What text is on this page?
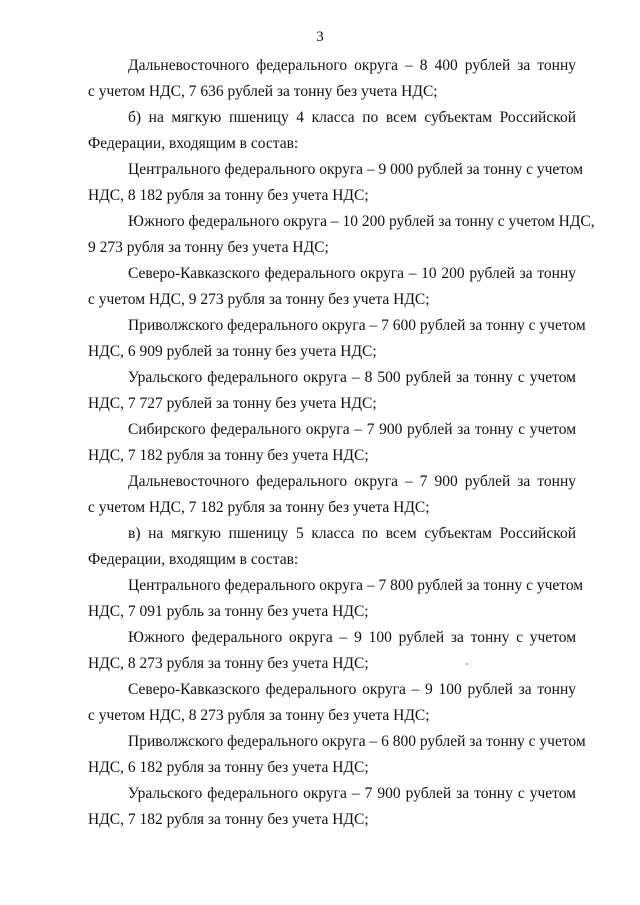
3

Дальневосточного федерального округа – 8 400 рублей за тонну
с учетом НДС, 7 636 рублей за тонну без учета НДС;

б) на мягкую пшеницу 4 класса по всем субъектам Российской
Федерации, входящим в состав:

Центрального федерального округа – 9 000 рублей за тонну с учетом
НДС, 8 182 рубля за тонну без учета НДС;

Южного федерального округа – 10 200 рублей за тонну с учетом НДС,
9 273 рубля за тонну без учета НДС;

Северо-Кавказского федерального округа – 10 200 рублей за тонну
с учетом НДС, 9 273 рубля за тонну без учета НДС;

Приволжского федерального округа – 7 600 рублей за тонну с учетом
НДС, 6 909 рублей за тонну без учета НДС;

Уральского федерального округа – 8 500 рублей за тонну с учетом
НДС, 7 727 рублей за тонну без учета НДС;

Сибирского федерального округа – 7 900 рублей за тонну с учетом
НДС, 7 182 рубля за тонну без учета НДС;

Дальневосточного федерального округа – 7 900 рублей за тонну
с учетом НДС, 7 182 рубля за тонну без учета НДС;

в) на мягкую пшеницу 5 класса по всем субъектам Российской
Федерации, входящим в состав:

Центрального федерального округа – 7 800 рублей за тонну с учетом
НДС, 7 091 рубль за тонну без учета НДС;

Южного федерального округа – 9 100 рублей за тонну с учетом
НДС, 8 273 рубля за тонну без учета НДС;

Северо-Кавказского федерального округа – 9 100 рублей за тонну
с учетом НДС, 8 273 рубля за тонну без учета НДС;

Приволжского федерального округа – 6 800 рублей за тонну с учетом
НДС, 6 182 рубля за тонну без учета НДС;

Уральского федерального округа – 7 900 рублей за тонну с учетом
НДС, 7 182 рубля за тонну без учета НДС;
